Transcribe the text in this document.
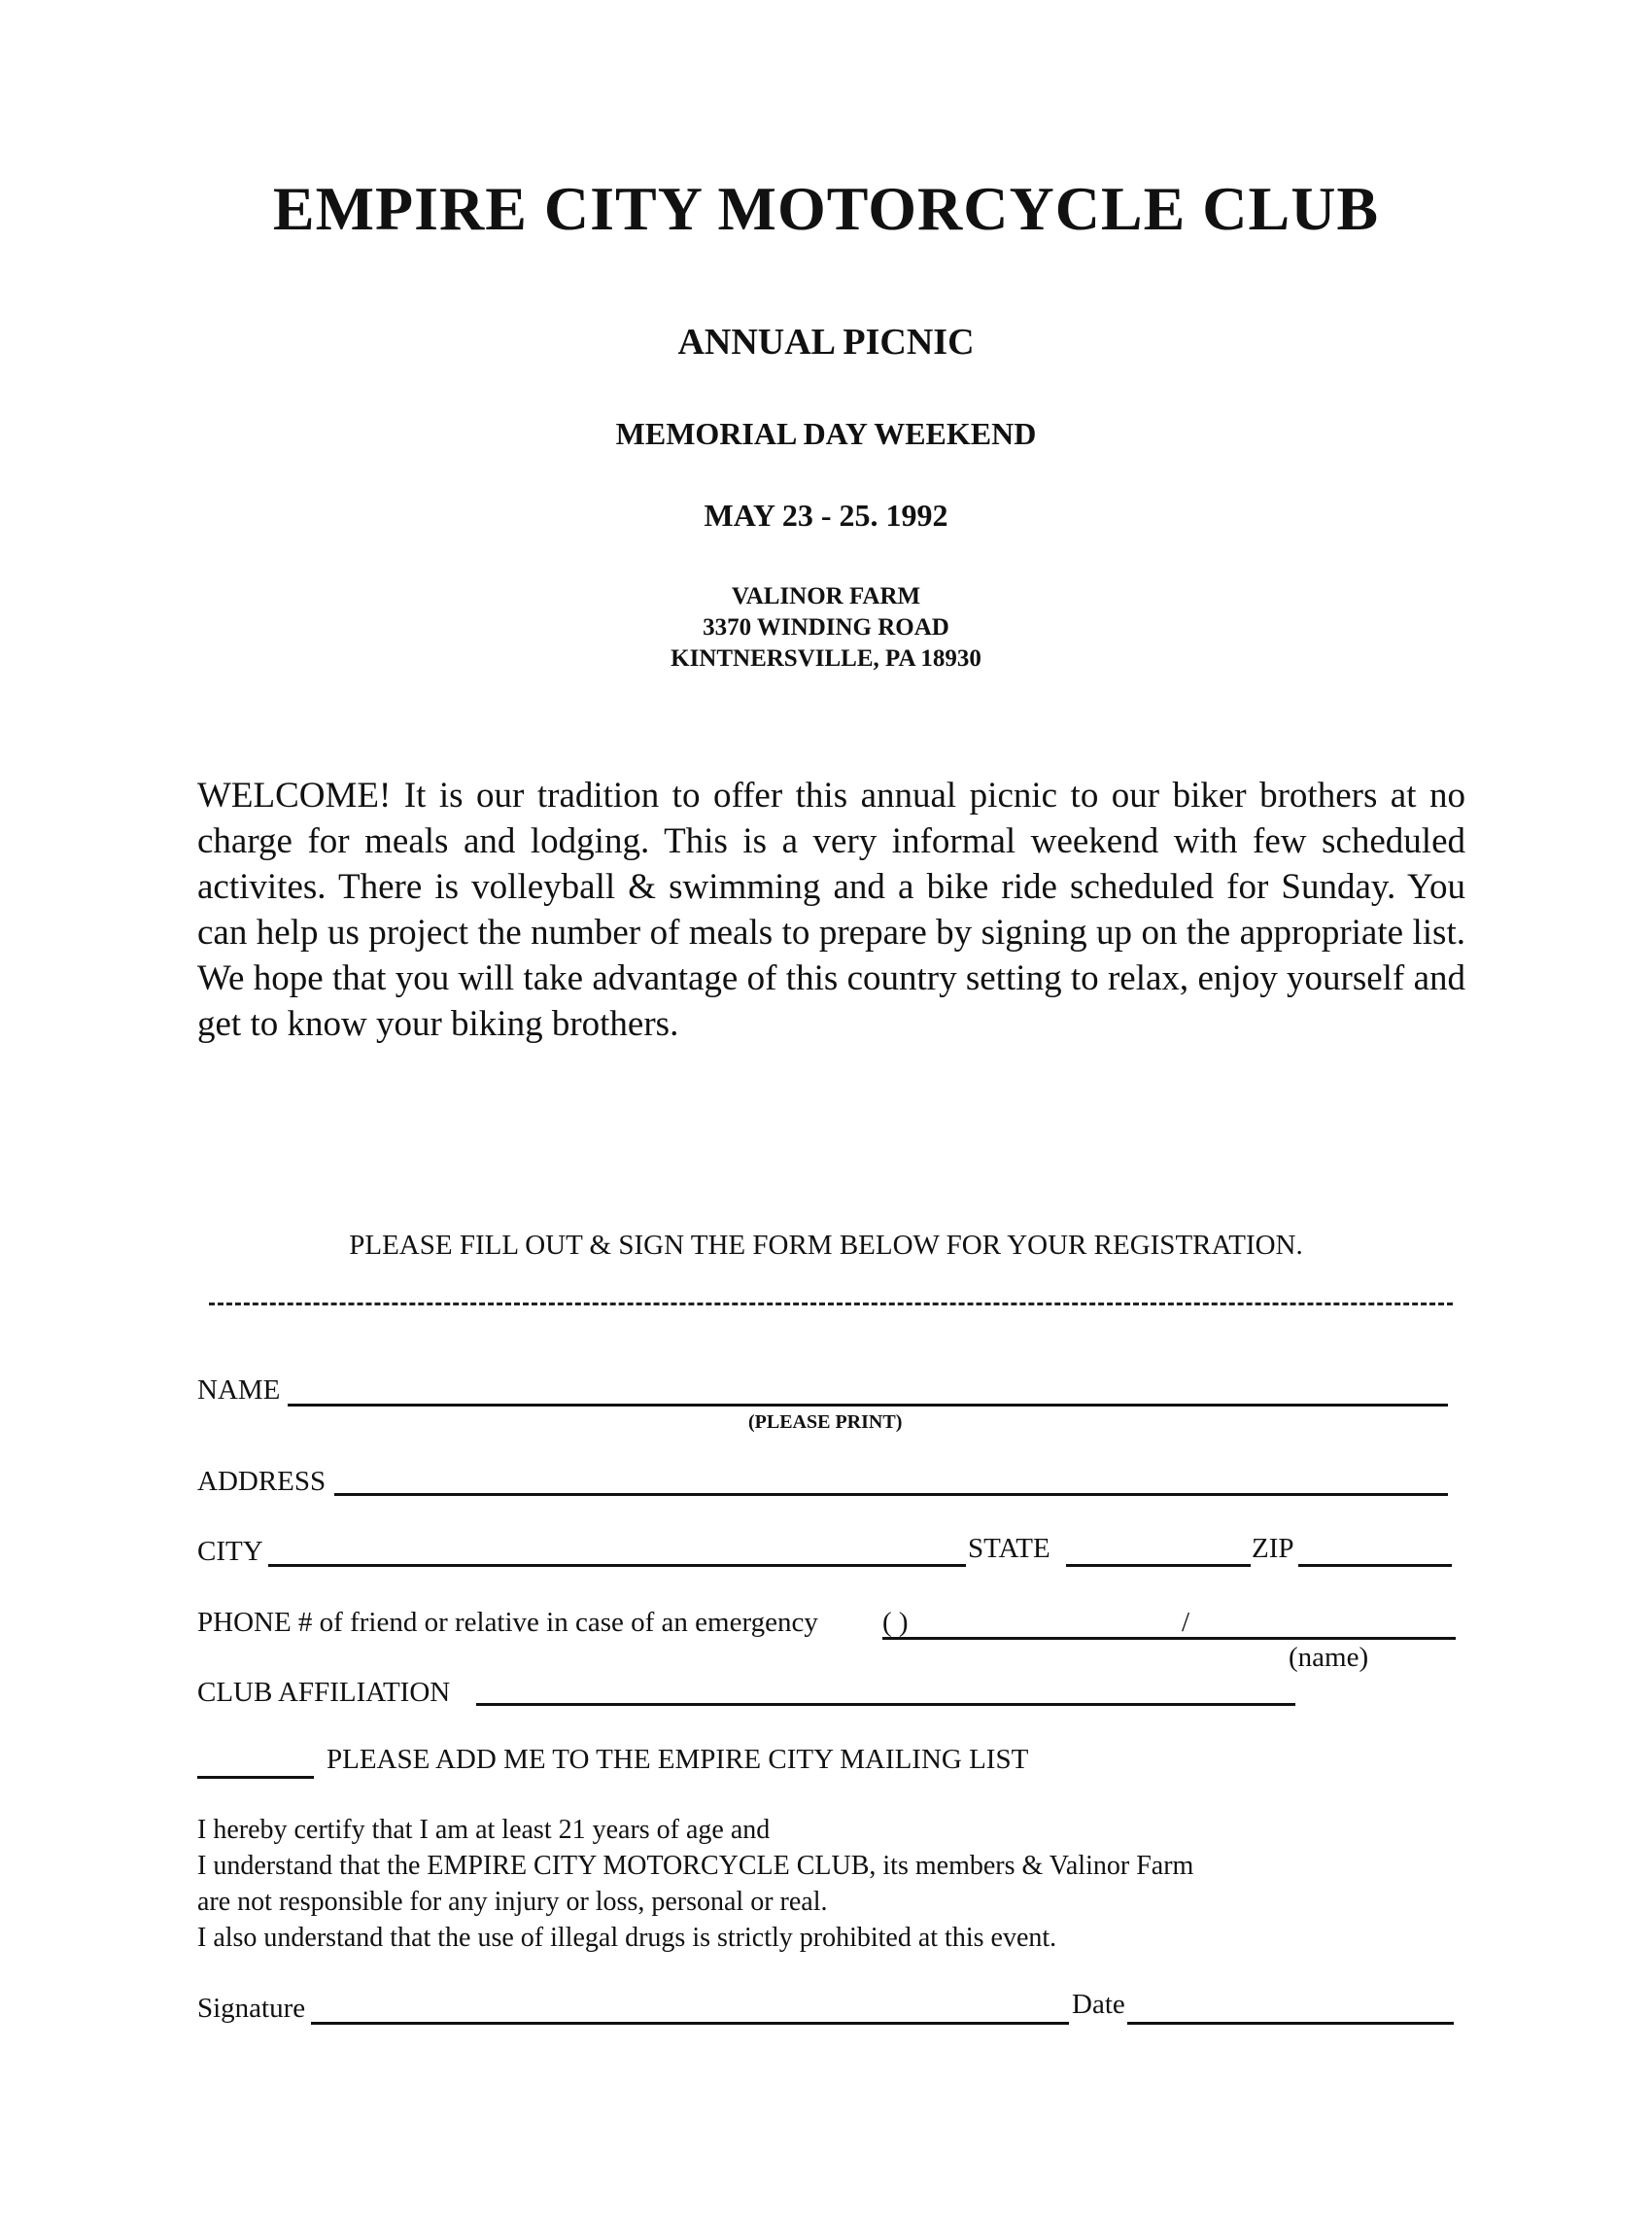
EMPIRE CITY MOTORCYCLE CLUB
ANNUAL PICNIC
MEMORIAL DAY WEEKEND
MAY 23 - 25. 1992
VALINOR FARM
3370 WINDING ROAD
KINTNERSVILLE, PA 18930
WELCOME! It is our tradition to offer this annual picnic to our biker brothers at no charge for meals and lodging. This is a very informal weekend with few scheduled activites. There is volleyball & swimming and a bike ride scheduled for Sunday. You can help us project the number of meals to prepare by signing up on the appropriate list. We hope that you will take advantage of this country setting to relax, enjoy yourself and get to know your biking brothers.
PLEASE FILL OUT & SIGN THE FORM BELOW FOR YOUR REGISTRATION.
NAME
(PLEASE PRINT)
ADDRESS
CITY	STATE	ZIP
PHONE # of friend or relative in case of an emergency ( )	/
(name)
CLUB AFFILIATION
PLEASE ADD ME TO THE EMPIRE CITY MAILING LIST
I hereby certify that I am at least 21 years of age and
I understand that the EMPIRE CITY MOTORCYCLE CLUB, its members & Valinor Farm
are not responsible for any injury or loss, personal or real.
I also understand that the use of illegal drugs is strictly prohibited at this event.
Signature	Date
